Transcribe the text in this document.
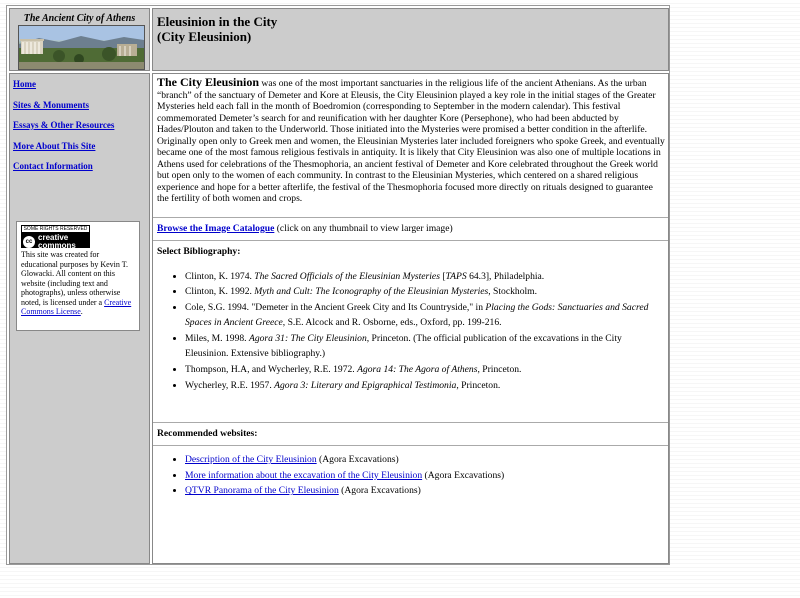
The Ancient City of Athens	Eleusinion in the City
(City Eleusinion)
Home
Sites & Monuments
Essays & Other Resources
More About This Site
Contact Information
SOME RIGHTS RESERVED
cc creative
commons
This site was created for educational purposes by Kevin T. Glowacki. All content on this website (including text and photographs), unless otherwise noted, is licensed under a Creative Commons License.
The City Eleusinion was one of the most important sanctuaries in the religious life of the ancient Athenians. As the urban “branch” of the sanctuary of Demeter and Kore at Eleusis, the City Eleusinion played a key role in the initial stages of the Greater Mysteries held each fall in the month of Boedromion (corresponding to September in the modern calendar). This festival commemorated Demeter’s search for and reunification with her daughter Kore (Persephone), who had been abducted by Hades/Plouton and taken to the Underworld. Those initiated into the Mysteries were promised a better condition in the afterlife. Originally open only to Greek men and women, the Eleusinian Mysteries later included foreigners who spoke Greek, and eventually became one of the most famous religious festivals in antiquity. It is likely that City Eleusinion was also one of multiple locations in Athens used for celebrations of the Thesmophoria, an ancient festival of Demeter and Kore celebrated throughout the Greek world but open only to the women of each community. In contrast to the Eleusinian Mysteries, which centered on a shared religious experience and hope for a better afterlife, the festival of the Thesmophoria focused more directly on rituals designed to guarantee the fertility of both women and crops.
Browse the Image Catalogue (click on any thumbnail to view larger image)
Select Bibliography:
• Clinton, K. 1974. The Sacred Officials of the Eleusinian Mysteries [TAPS 64.3], Philadelphia.
• Clinton, K. 1992. Myth and Cult: The Iconography of the Eleusinian Mysteries, Stockholm.
• Cole, S.G. 1994. "Demeter in the Ancient Greek City and Its Countryside," in Placing the Gods: Sanctuaries and Sacred Spaces in Ancient Greece, S.E. Alcock and R. Osborne, eds., Oxford, pp. 199-216.
• Miles, M. 1998. Agora 31: The City Eleusinion, Princeton. (The official publication of the excavations in the City Eleusinion. Extensive bibliography.)
• Thompson, H.A, and Wycherley, R.E. 1972. Agora 14: The Agora of Athens, Princeton.
• Wycherley, R.E. 1957. Agora 3: Literary and Epigraphical Testimonia, Princeton.
Recommended websites:
• Description of the City Eleusinion (Agora Excavations)
• More information about the excavation of the City Eleusinion (Agora Excavations)
• QTVR Panorama of the City Eleusinion (Agora Excavations)
